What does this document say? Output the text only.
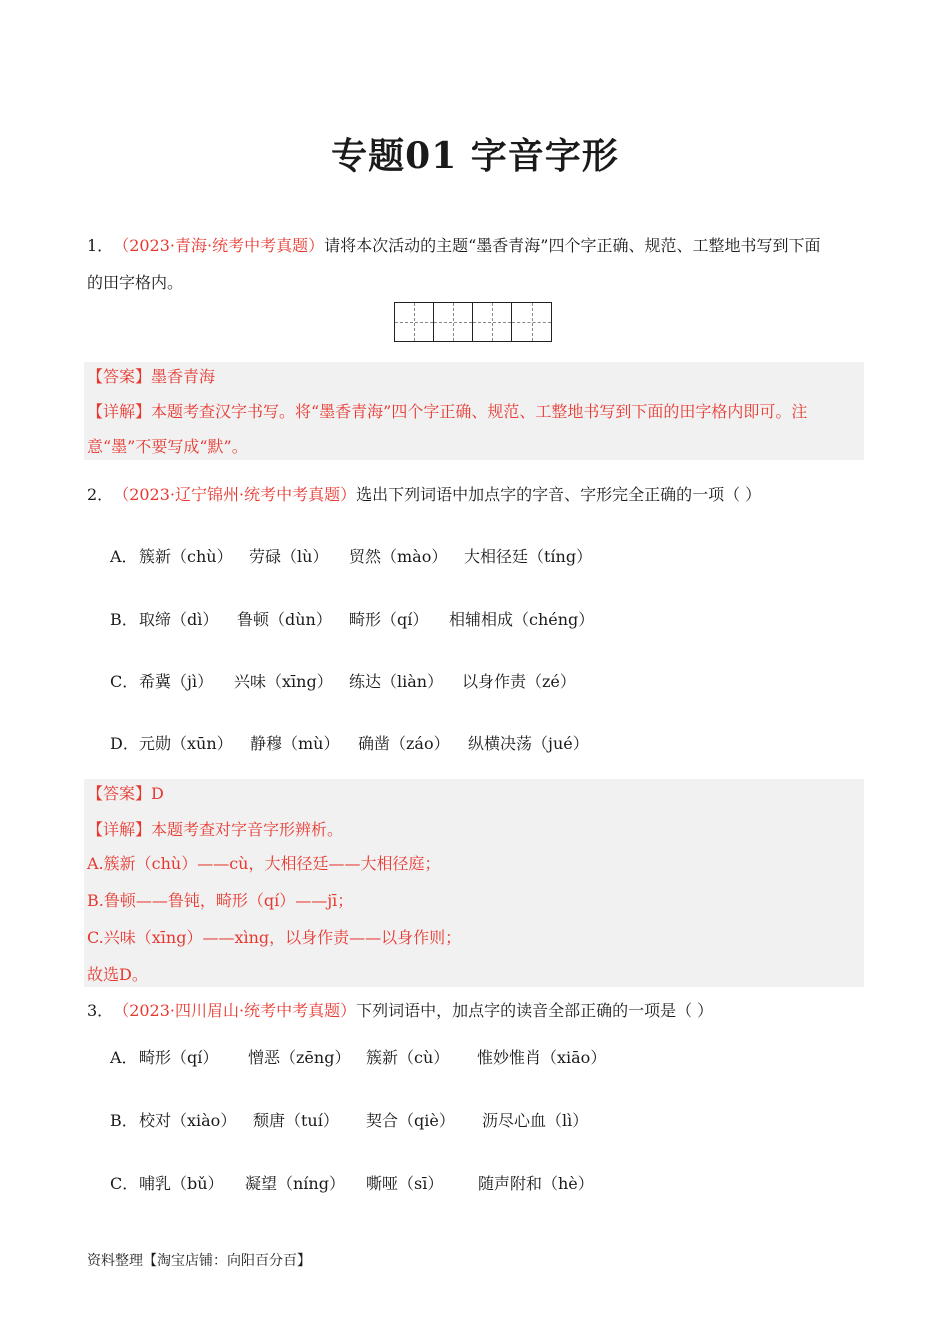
专题01 字音字形
1． （2023·青海·统考中考真题）请将本次活动的主题“墨香青海”四个字正确、规范、工整地书写到下面
的田字格内。
【答案】墨香青海
【详解】本题考查汉字书写。将“墨香青海”四个字正确、规范、工整地书写到下面的田字格内即可。注
意“墨”不要写成“默”。
2． （2023·辽宁锦州·统考中考真题）选出下列词语中加点字的字音、字形完全正确的一项（ ）
A． 簇新（chù） 劳碌（lù） 贸然（mào） 大相径廷（tíng）
B． 取缔（dì） 鲁顿（dùn） 畸形（qí） 相辅相成（chéng）
C． 希冀（jì） 兴味（xīng） 练达（liàn） 以身作责（zé）
D． 元勋（xūn） 静穆（mù） 确凿（záo） 纵横决荡（jué）
【答案】D
【详解】本题考查对字音字形辨析。
A.簇新（chù）——cù，大相径廷——大相径庭；
B.鲁顿——鲁钝，畸形（qí）——jī；
C.兴味（xīng）——xìng，以身作责——以身作则；
故选D。
3． （2023·四川眉山·统考中考真题）下列词语中，加点字的读音全部正确的一项是（ ）
A． 畸形（qí） 憎恶（zēng） 簇新（cù） 惟妙惟肖（xiāo）
B． 校对（xiào） 颓唐（tuí） 契合（qiè） 沥尽心血（lì）
C． 哺乳（bǔ） 凝望（níng） 嘶哑（sī） 随声附和（hè）
资料整理【淘宝店铺：向阳百分百】
